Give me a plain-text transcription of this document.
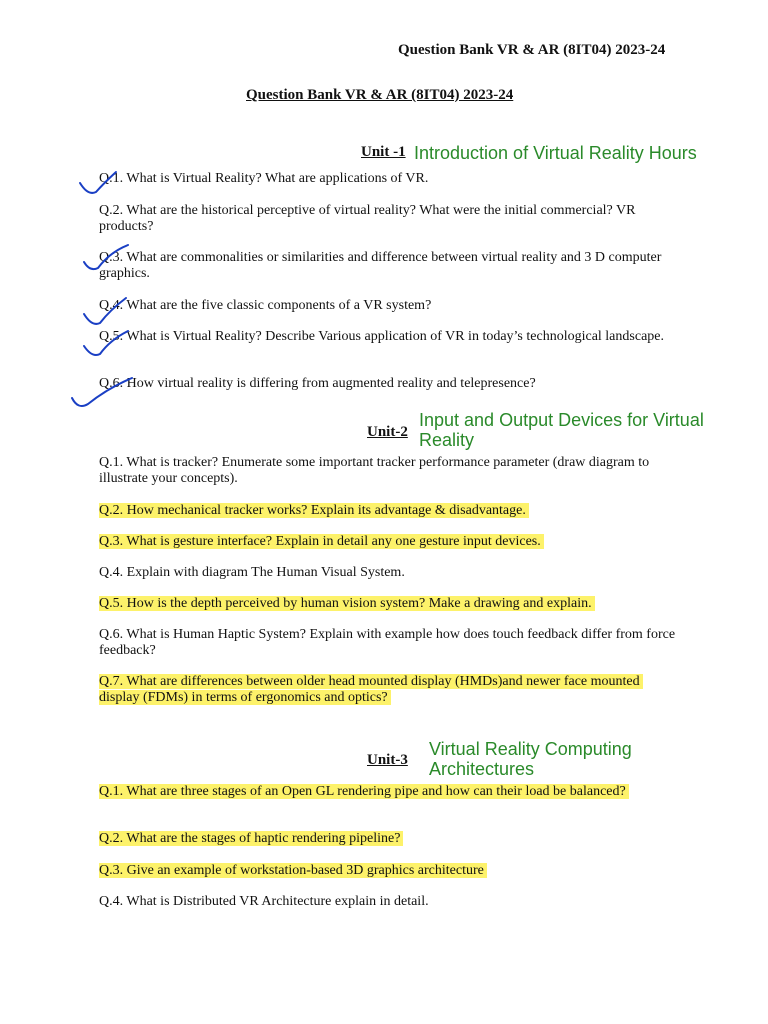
Question Bank VR & AR (8IT04) 2023-24
Question Bank VR & AR (8IT04) 2023-24
Unit -1 Introduction of Virtual Reality Hours
Q.1. What is Virtual Reality? What are applications of VR.
Q.2. What are the historical perceptive of virtual reality? What were the initial commercial? VR products?
Q.3. What are commonalities or similarities and difference between virtual reality and 3 D computer graphics.
Q.4. What are the five classic components of a VR system?
Q.5. What is Virtual Reality? Describe Various application of VR in today’s technological landscape.
Q.6. How virtual reality is differing from augmented reality and telepresence?
Unit-2
Input and Output Devices for Virtual Reality
Q.1. What is tracker? Enumerate some important tracker performance parameter (draw diagram to illustrate your concepts).
Q.2. How mechanical tracker works? Explain its advantage & disadvantage.
Q.3. What is gesture interface? Explain in detail any one gesture input devices.
Q.4. Explain with diagram The Human Visual System.
Q.5. How is the depth perceived by human vision system? Make a drawing and explain.
Q.6. What is Human Haptic System? Explain with example how does touch feedback differ from force feedback?
Q.7. What are differences between older head mounted display (HMDs)and newer face mounted display (FDMs) in terms of ergonomics and optics?
Unit-3
Virtual Reality Computing Architectures
Q.1. What are three stages of an Open GL rendering pipe and how can their load be balanced?
Q.2. What are the stages of haptic rendering pipeline?
Q.3. Give an example of workstation-based 3D graphics architecture
Q.4. What is Distributed VR Architecture explain in detail.
